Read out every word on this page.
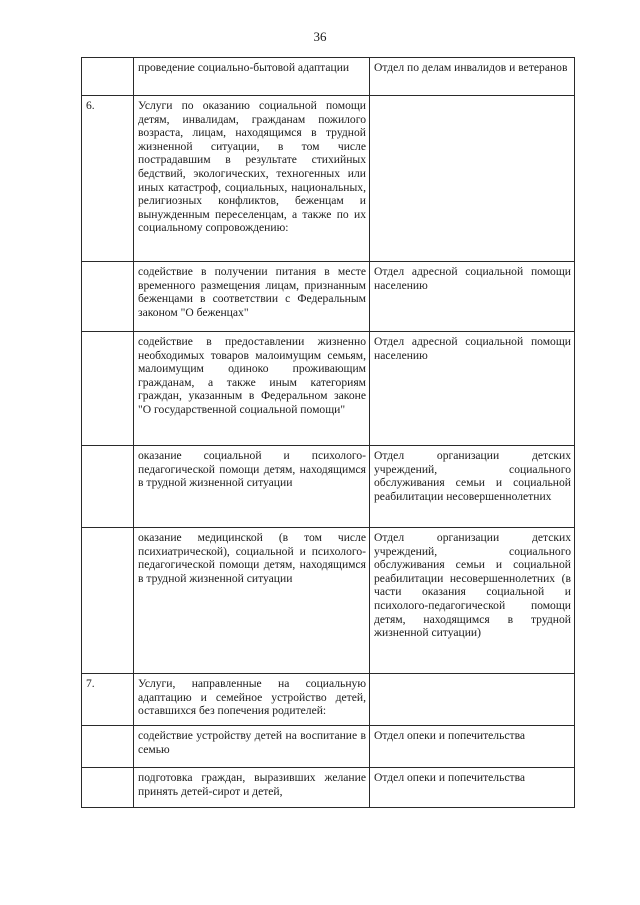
36

	проведение социально-бытовой адаптации	Отдел по делам инвалидов и ветеранов

6.	Услуги по оказанию социальной помощи детям, инвалидам, гражданам пожилого возраста, лицам, находящимся в трудной жизненной ситуации, в том числе пострадавшим в результате стихийных бедствий, экологических, техногенных или иных катастроф, социальных, национальных, религиозных конфликтов, беженцам и вынужденным переселенцам, а также по их социальному сопровождению:	

	содействие в получении питания в месте временного размещения лицам, признанным беженцами в соответствии с Федеральным законом "О беженцах"	Отдел адресной социальной помощи населению

	содействие в предоставлении жизненно необходимых товаров малоимущим семьям, малоимущим одиноко проживающим гражданам, а также иным категориям граждан, указанным в Федеральном законе "О государственной социальной помощи"	Отдел адресной социальной помощи населению

	оказание социальной и психолого-педагогической помощи детям, находящимся в трудной жизненной ситуации	Отдел организации детских учреждений, социального обслуживания семьи и социальной реабилитации несовершеннолетних

	оказание медицинской (в том числе психиатрической), социальной и психолого-педагогической помощи детям, находящимся в трудной жизненной ситуации	Отдел организации детских учреждений, социального обслуживания семьи и социальной реабилитации несовершеннолетних (в части оказания социальной и психолого-педагогической помощи детям, находящимся в трудной жизненной ситуации)

7.	Услуги, направленные на социальную адаптацию и семейное устройство детей, оставшихся без попечения родителей:	

	содействие устройству детей на воспитание в семью	Отдел опеки и попечительства

	подготовка граждан, выразивших желание принять детей-сирот и детей,	Отдел опеки и попечительства
